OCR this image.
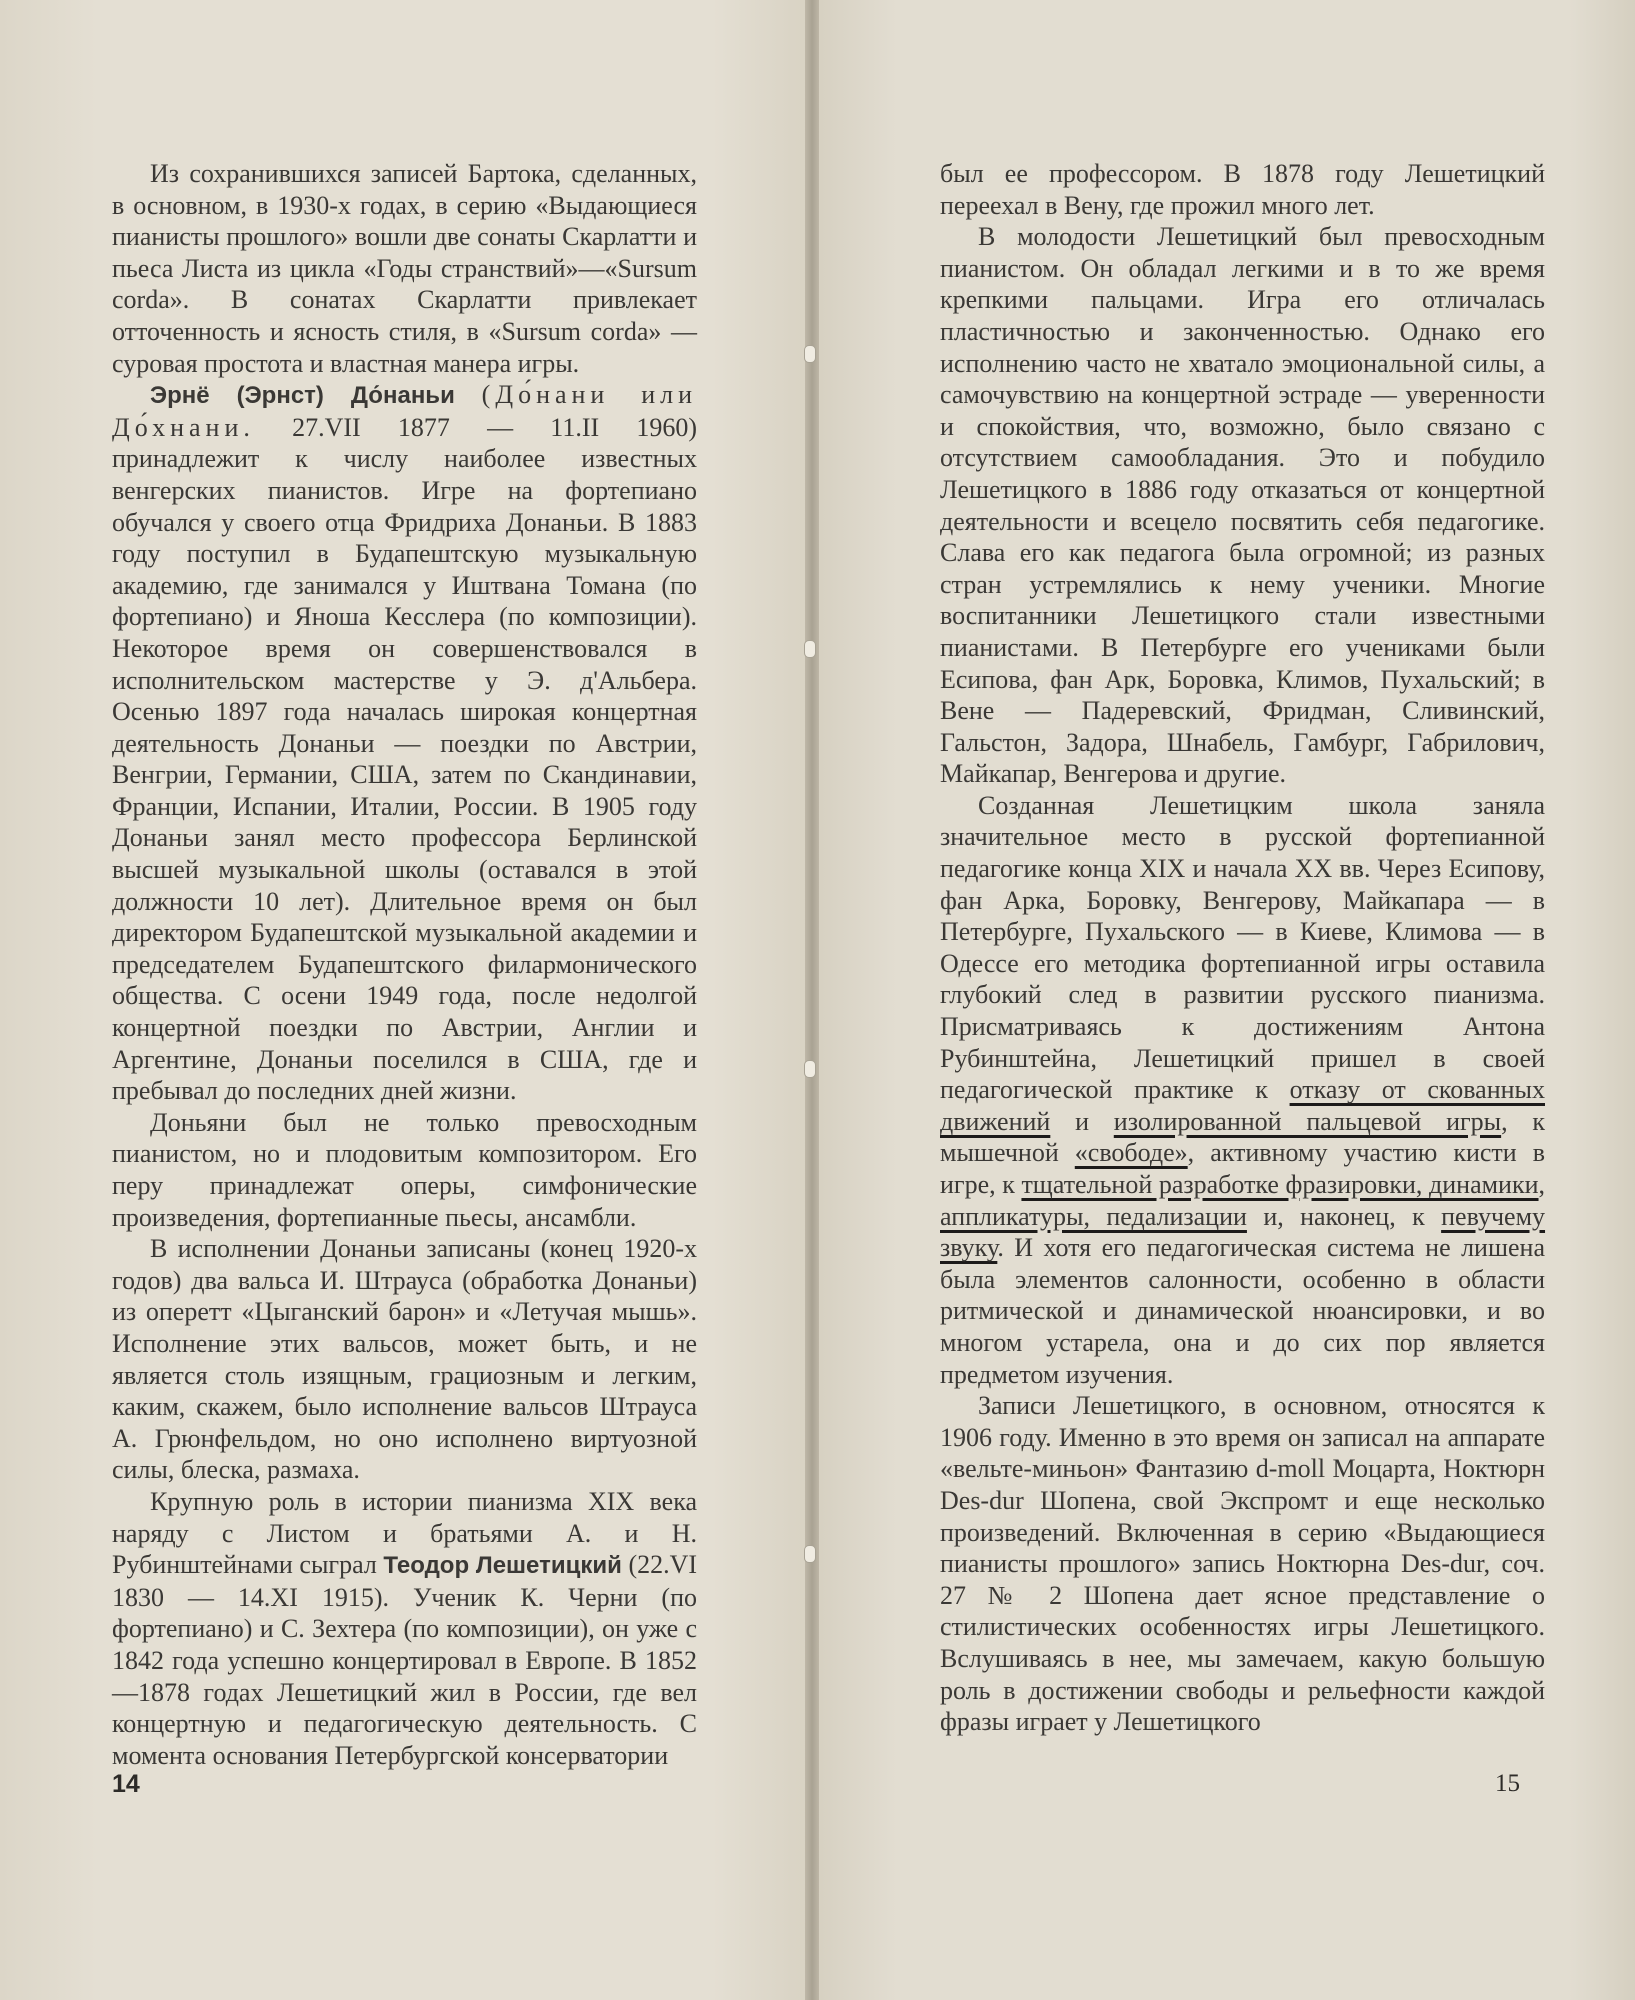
Из сохранившихся записей Бартока, сделанных, в основном, в 1930-х годах, в серию «Выдающиеся пианисты прошлого» вошли две сонаты Скарлатти и пьеса Листа из цикла «Годы странствий»—«Sursum corda». В сонатах Скарлатти привлекает отточенность и ясность стиля, в «Sursum corda» — суровая простота и властная манера игры.

Эрнё (Эрнст) До́наньи (До́нани или До́хнани. 27.VII 1877 — 11.II 1960) принадлежит к числу наиболее известных венгерских пианистов. Игре на фортепиано обучался у своего отца Фридриха Донаньи. В 1883 году поступил в Будапештскую музыкальную академию, где занимался у Иштвана Томана (по фортепиано) и Яноша Кесслера (по композиции). Некоторое время он совершенствовался в исполнительском мастерстве у Э. д'Альбера. Осенью 1897 года началась широкая концертная деятельность Донаньи — поездки по Австрии, Венгрии, Германии, США, затем по Скандинавии, Франции, Испании, Италии, России. В 1905 году Донаньи занял место профессора Берлинской высшей музыкальной школы (оставался в этой должности 10 лет). Длительное время он был директором Будапештской музыкальной академии и председателем Будапештского филармонического общества. С осени 1949 года, после недолгой концертной поездки по Австрии, Англии и Аргентине, Донаньи поселился в США, где и пребывал до последних дней жизни.

Доньяни был не только превосходным пианистом, но и плодовитым композитором. Его перу принадлежат оперы, симфонические произведения, фортепианные пьесы, ансамбли.

В исполнении Донаньи записаны (конец 1920-х годов) два вальса И. Штрауса (обработка Донаньи) из оперетт «Цыганский барон» и «Летучая мышь». Исполнение этих вальсов, может быть, и не является столь изящным, грациозным и легким, каким, скажем, было исполнение вальсов Штрауса А. Грюнфельдом, но оно исполнено виртуозной силы, блеска, размаха.

Крупную роль в истории пианизма XIX века наряду с Листом и братьями А. и Н. Рубинштейнами сыграл Теодор Лешетицкий (22.VI 1830 — 14.XI 1915). Ученик К. Черни (по фортепиано) и С. Зехтера (по композиции), он уже с 1842 года успешно концертировал в Европе. В 1852—1878 годах Лешетицкий жил в России, где вел концертную и педагогическую деятельность. С момента основания Петербургской консерватории

14

был ее профессором. В 1878 году Лешетицкий переехал в Вену, где прожил много лет.

В молодости Лешетицкий был превосходным пианистом. Он обладал легкими и в то же время крепкими пальцами. Игра его отличалась пластичностью и законченностью. Однако его исполнению часто не хватало эмоциональной силы, а самочувствию на концертной эстраде — уверенности и спокойствия, что, возможно, было связано с отсутствием самообладания. Это и побудило Лешетицкого в 1886 году отказаться от концертной деятельности и всецело посвятить себя педагогике. Слава его как педагога была огромной; из разных стран устремлялись к нему ученики. Многие воспитанники Лешетицкого стали известными пианистами. В Петербурге его учениками были Есипова, фан Арк, Боровка, Климов, Пухальский; в Вене — Падеревский, Фридман, Сливинский, Гальстон, Задора, Шнабель, Гамбург, Габрилович, Майкапар, Венгерова и другие.

Созданная Лешетицким школа заняла значительное место в русской фортепианной педагогике конца XIX и начала XX вв. Через Есипову, фан Арка, Боровку, Венгерову, Майкапара — в Петербурге, Пухальского — в Киеве, Климова — в Одессе его методика фортепианной игры оставила глубокий след в развитии русского пианизма. Присматриваясь к достижениям Антона Рубинштейна, Лешетицкий пришел в своей педагогической практике к отказу от скованных движений и изолированной пальцевой игры, к мышечной «свободе», активному участию кисти в игре, к тщательной разработке фразировки, динамики, аппликатуры, педализации и, наконец, к певучему звуку. И хотя его педагогическая система не лишена была элементов салонности, особенно в области ритмической и динамической нюансировки, и во многом устарела, она и до сих пор является предметом изучения.

Записи Лешетицкого, в основном, относятся к 1906 году. Именно в это время он записал на аппарате «вельте-миньон» Фантазию d-moll Моцарта, Ноктюрн Des-dur Шопена, свой Экспромт и еще несколько произведений. Включенная в серию «Выдающиеся пианисты прошлого» запись Ноктюрна Des-dur, соч. 27 № 2 Шопена дает ясное представление о стилистических особенностях игры Лешетицкого. Вслушиваясь в нее, мы замечаем, какую большую роль в достижении свободы и рельефности каждой фразы играет у Лешетицкого

15
